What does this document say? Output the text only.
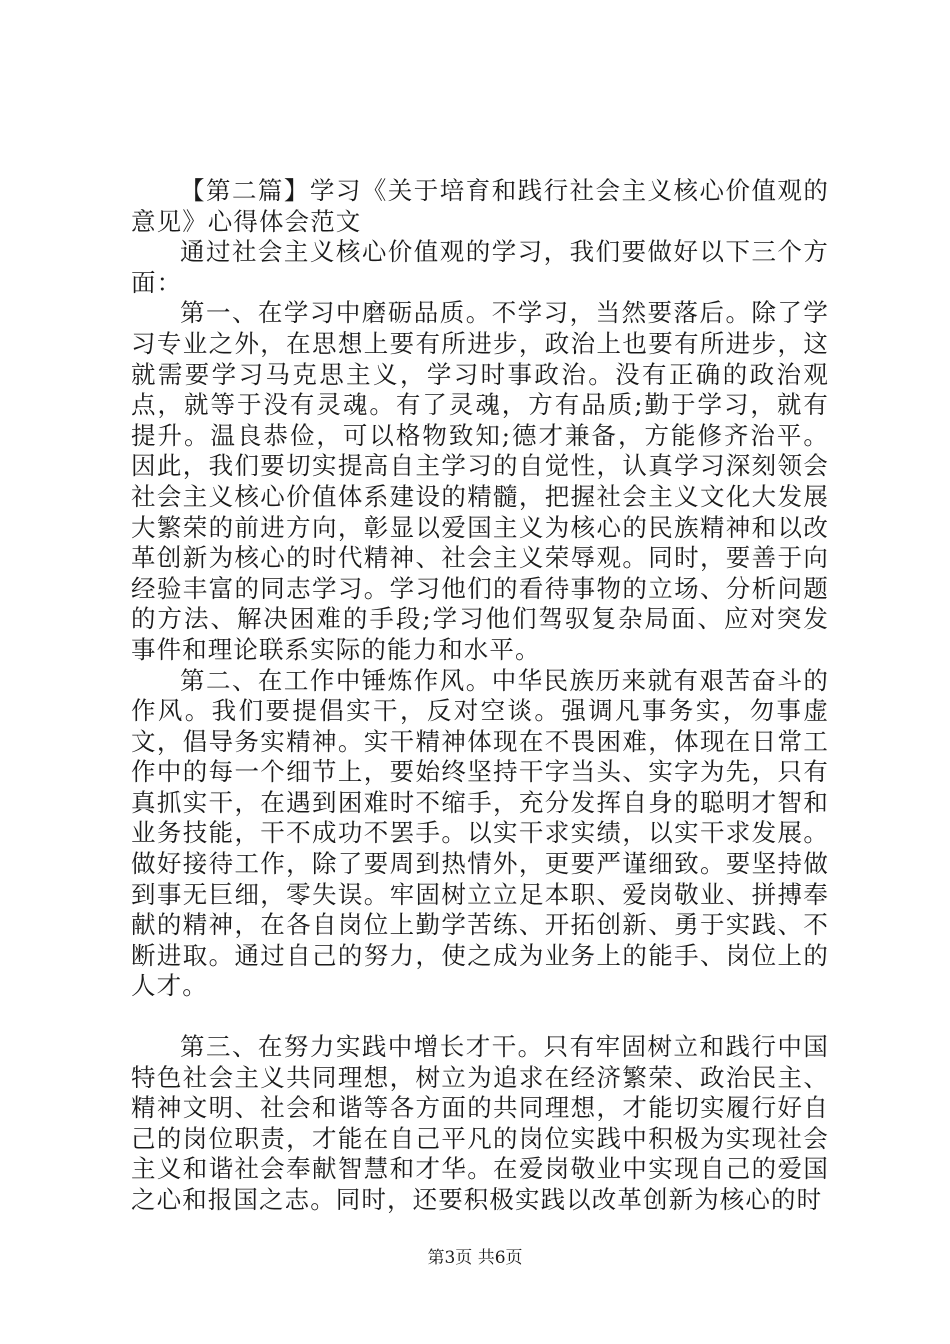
【第二篇】学习《关于培育和践行社会主义核心价值观的意见》心得体会范文

通过社会主义核心价值观的学习，我们要做好以下三个方面：

第一、在学习中磨砺品质。不学习，当然要落后。除了学习专业之外，在思想上要有所进步，政治上也要有所进步，这就需要学习马克思主义，学习时事政治。没有正确的政治观点，就等于没有灵魂。有了灵魂，方有品质;勤于学习，就有提升。温良恭俭，可以格物致知;德才兼备，方能修齐治平。因此，我们要切实提高自主学习的自觉性，认真学习深刻领会社会主义核心价值体系建设的精髓，把握社会主义文化大发展大繁荣的前进方向，彰显以爱国主义为核心的民族精神和以改革创新为核心的时代精神、社会主义荣辱观。同时，要善于向经验丰富的同志学习。学习他们的看待事物的立场、分析问题的方法、解决困难的手段;学习他们驾驭复杂局面、应对突发事件和理论联系实际的能力和水平。

第二、在工作中锤炼作风。中华民族历来就有艰苦奋斗的作风。我们要提倡实干，反对空谈。强调凡事务实，勿事虚文，倡导务实精神。实干精神体现在不畏困难，体现在日常工作中的每一个细节上，要始终坚持干字当头、实字为先，只有真抓实干，在遇到困难时不缩手，充分发挥自身的聪明才智和业务技能，干不成功不罢手。以实干求实绩，以实干求发展。做好接待工作，除了要周到热情外，更要严谨细致。要坚持做到事无巨细，零失误。牢固树立立足本职、爱岗敬业、拼搏奉献的精神，在各自岗位上勤学苦练、开拓创新、勇于实践、不断进取。通过自己的努力，使之成为业务上的能手、岗位上的人才。

第三、在努力实践中增长才干。只有牢固树立和践行中国特色社会主义共同理想，树立为追求在经济繁荣、政治民主、精神文明、社会和谐等各方面的共同理想，才能切实履行好自己的岗位职责，才能在自己平凡的岗位实践中积极为实现社会主义和谐社会奉献智慧和才华。在爱岗敬业中实现自己的爱国之心和报国之志。同时，还要积极实践以改革创新为核心的时

第3页 共6页
